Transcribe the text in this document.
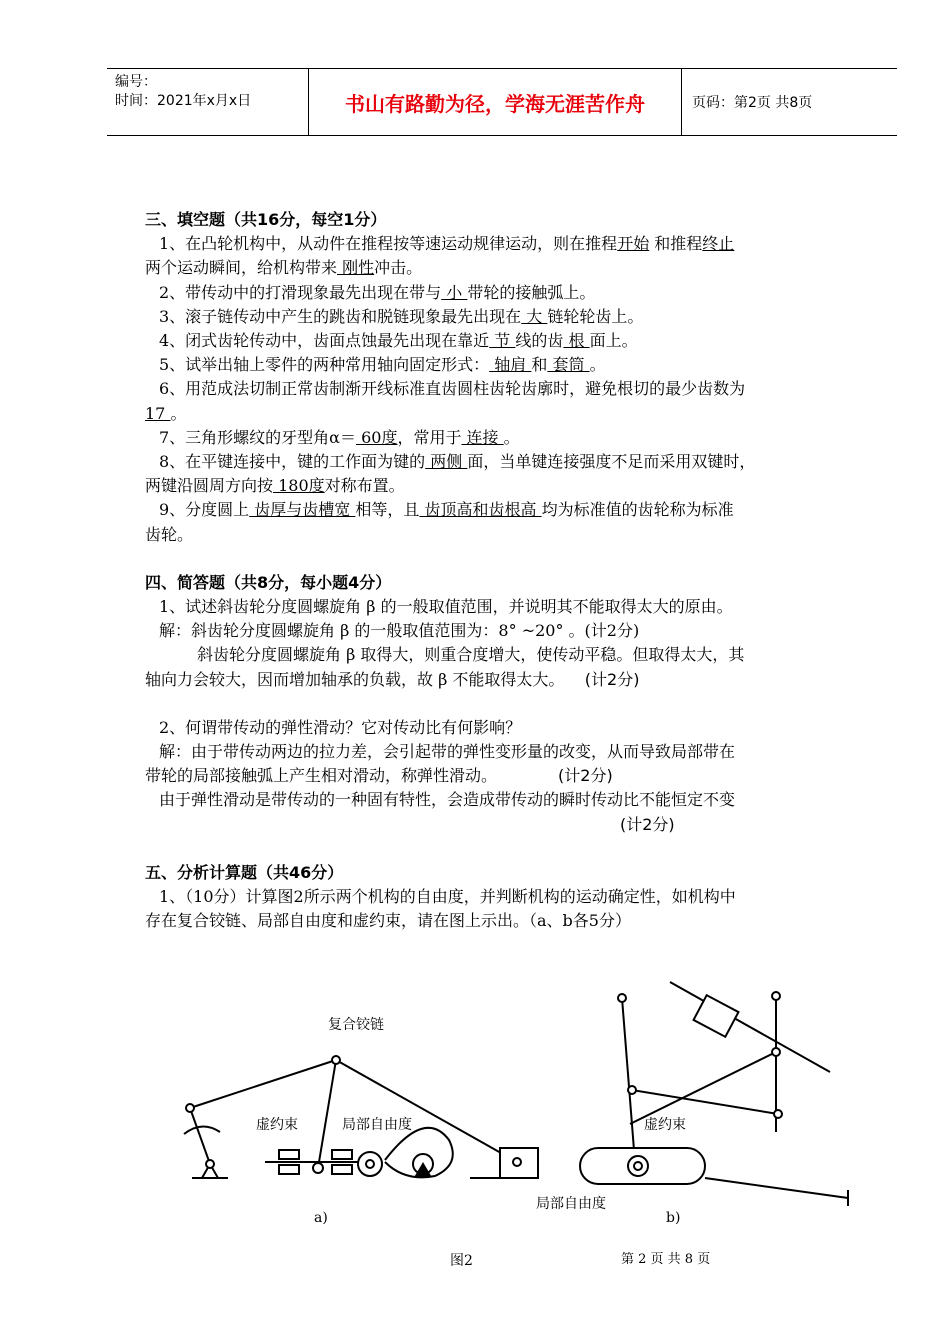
编号：
时间：2021年x月x日	书山有路勤为径，学海无涯苦作舟	页码：第2页 共8页

三、填空题（共16分，每空1分）

1、在凸轮机构中，从动件在推程按等速运动规律运动，则在推程开始 和推程终止

两个运动瞬间，给机构带来 刚性冲击。

2、带传动中的打滑现象最先出现在带与 小 带轮的接触弧上。

3、滚子链传动中产生的跳齿和脱链现象最先出现在 大 链轮轮齿上。

4、闭式齿轮传动中，齿面点蚀最先出现在靠近 节 线的齿 根 面上。

5、试举出轴上零件的两种常用轴向固定形式： 轴肩 和 套筒 。

6、用范成法切制正常齿制渐开线标准直齿圆柱齿轮齿廓时，避免根切的最少齿数为

17 。

7、三角形螺纹的牙型角α＝ 60度，常用于 连接 。

8、在平键连接中，键的工作面为键的 两侧 面，当单键连接强度不足而采用双键时，

两键沿圆周方向按 180度对称布置。

9、分度圆上 齿厚与齿槽宽 相等，且 齿顶高和齿根高 均为标准值的齿轮称为标准

齿轮。

四、简答题（共8分，每小题4分）

1、试述斜齿轮分度圆螺旋角 β 的一般取值范围，并说明其不能取得太大的原由。

解：斜齿轮分度圆螺旋角 β 的一般取值范围为：8° ~20° 。(计2分)

斜齿轮分度圆螺旋角 β 取得大，则重合度增大，使传动平稳。但取得太大，其

轴向力会较大，因而增加轴承的负载，故 β 不能取得太大。 (计2分)

2、何谓带传动的弹性滑动？它对传动比有何影响？

解：由于带传动两边的拉力差，会引起带的弹性变形量的改变，从而导致局部带在

带轮的局部接触弧上产生相对滑动，称弹性滑动。	(计2分)

由于弹性滑动是带传动的一种固有特性，会造成带传动的瞬时传动比不能恒定不变

(计2分)

五、分析计算题（共46分）

1、（10分）计算图2所示两个机构的自由度，并判断机构的运动确定性，如机构中

存在复合铰链、局部自由度和虚约束，请在图上示出。（a、b各5分）

复合铰链
虚约束	局部自由度	虚约束
局部自由度
a)	b)
图2	第 2 页 共 8 页
